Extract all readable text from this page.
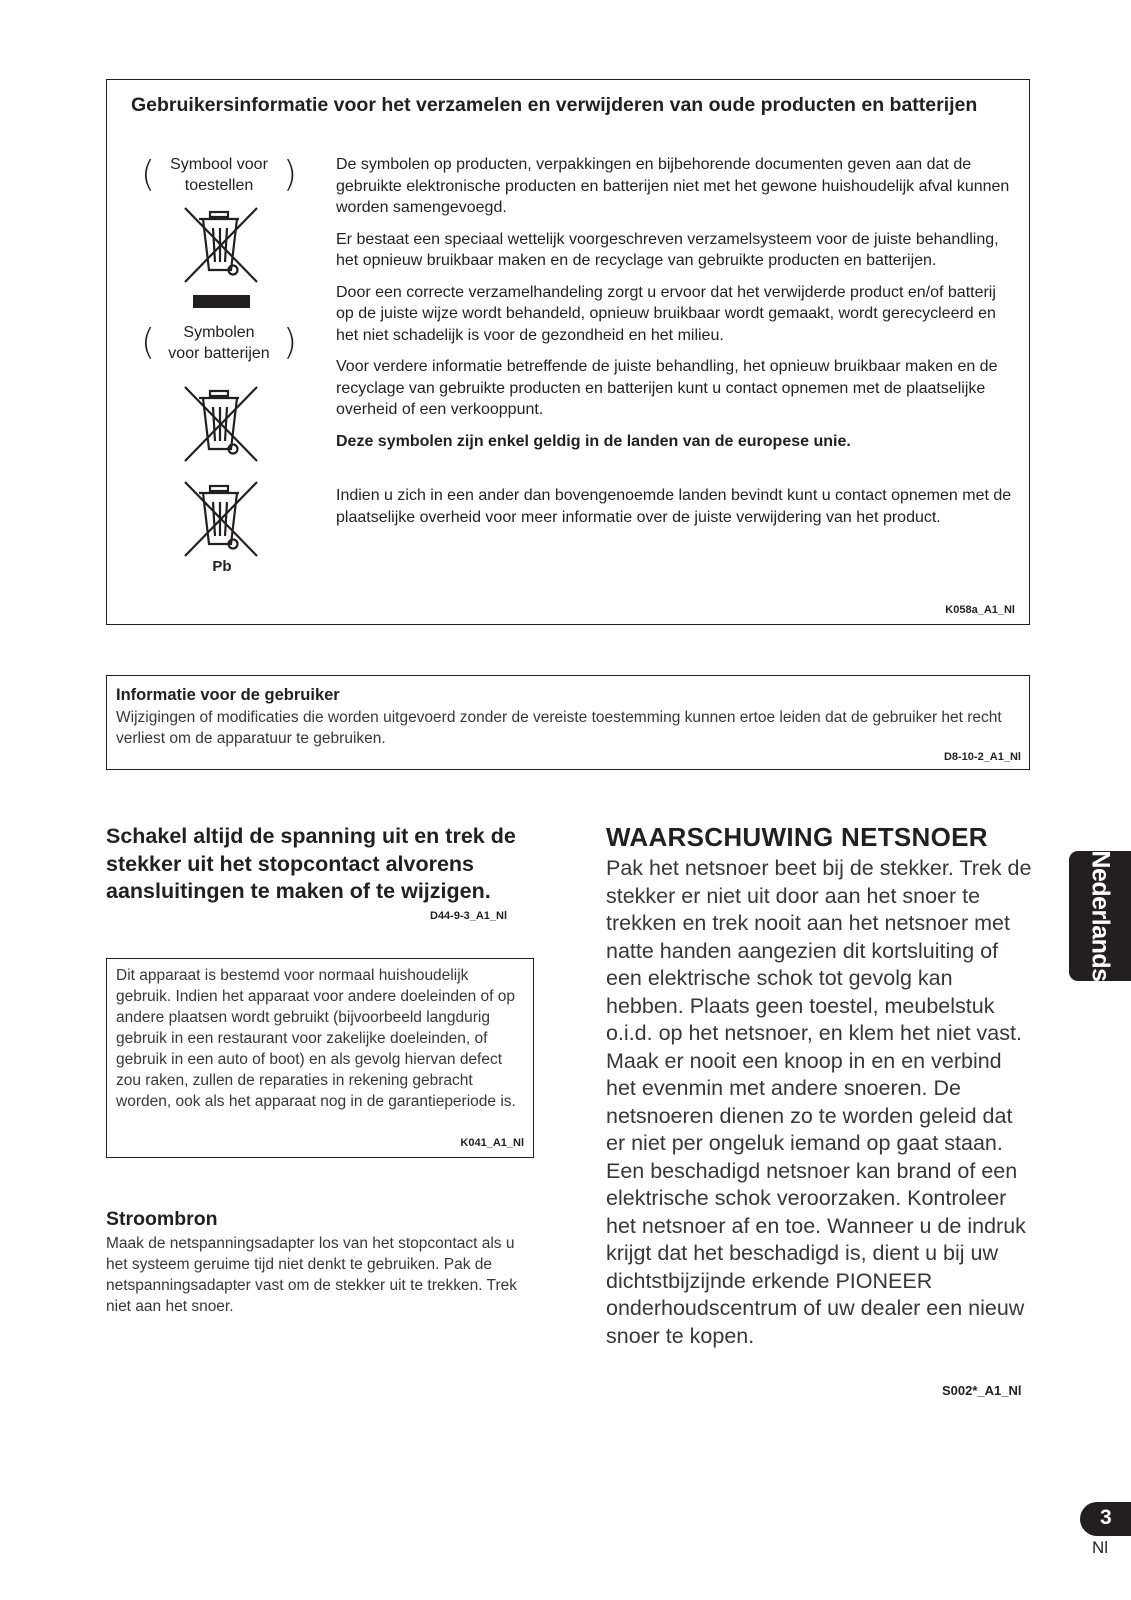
Gebruikersinformatie voor het verzamelen en verwijderen van oude producten en batterijen
( Symbool voor
toestellen )
(	Symbolen
voor batterijen )
Pb

De symbolen op producten, verpakkingen en bijbehorende documenten geven aan dat de gebruikte elektronische producten en batterijen niet met het gewone huishoudelijk afval kunnen worden samengevoegd.

Er bestaat een speciaal wettelijk voorgeschreven verzamelsysteem voor de juiste behandling, het opnieuw bruikbaar maken en de recyclage van gebruikte producten en batterijen.

Door een correcte verzamelhandeling zorgt u ervoor dat het verwijderde product en/of batterij op de juiste wijze wordt behandeld, opnieuw bruikbaar wordt gemaakt, wordt gerecycleerd en het niet schadelijk is voor de gezondheid en het milieu.

Voor verdere informatie betreffende de juiste behandling, het opnieuw bruikbaar maken en de recyclage van gebruikte producten en batterijen kunt u contact opnemen met de plaatselijke overheid of een verkooppunt.

Deze symbolen zijn enkel geldig in de landen van de europese unie.

Indien u zich in een ander dan bovengenoemde landen bevindt kunt u contact opnemen met de plaatselijke overheid voor meer informatie over de juiste verwijdering van het product.

K058a_A1_Nl
Informatie voor de gebruiker

Wijzigingen of modificaties die worden uitgevoerd zonder de vereiste toestemming kunnen ertoe leiden dat de gebruiker het recht verliest om de apparatuur te gebruiken.

D8-10-2_A1_Nl
Schakel altijd de spanning uit en trek de stekker uit het stopcontact alvorens aansluitingen te maken of te wijzigen.
D44-9-3_A1_Nl

Dit apparaat is bestemd voor normaal huishoudelijk gebruik. Indien het apparaat voor andere doeleinden of op andere plaatsen wordt gebruikt (bijvoorbeeld langdurig gebruik in een restaurant voor zakelijke doeleinden, of gebruik in een auto of boot) en als gevolg hiervan defect zou raken, zullen de reparaties in rekening gebracht worden, ook als het apparaat nog in de garantieperiode is.

K041_A1_Nl
Stroombron

Maak de netspanningsadapter los van het stopcontact als u het systeem geruime tijd niet denkt te gebruiken. Pak de netspanningsadapter vast om de stekker uit te trekken. Trek niet aan het snoer.

WAARSCHUWING NETSNOER

Pak het netsnoer beet bij de stekker. Trek de stekker er niet uit door aan het snoer te trekken en trek nooit aan het netsnoer met natte handen aangezien dit kortsluiting of een elektrische schok tot gevolg kan hebben. Plaats geen toestel, meubelstuk o.i.d. op het netsnoer, en klem het niet vast. Maak er nooit een knoop in en en verbind het evenmin met andere snoeren. De netsnoeren dienen zo te worden geleid dat er niet per ongeluk iemand op gaat staan. Een beschadigd netsnoer kan brand of een elektrische schok veroorzaken. Kontroleer het netsnoer af en toe. Wanneer u de indruk krijgt dat het beschadigd is, dient u bij uw dichtstbijzijnde erkende PIONEER onderhoudscentrum of uw dealer een nieuw snoer te kopen.

S002*_A1_Nl
Nederlands
3
Nl
